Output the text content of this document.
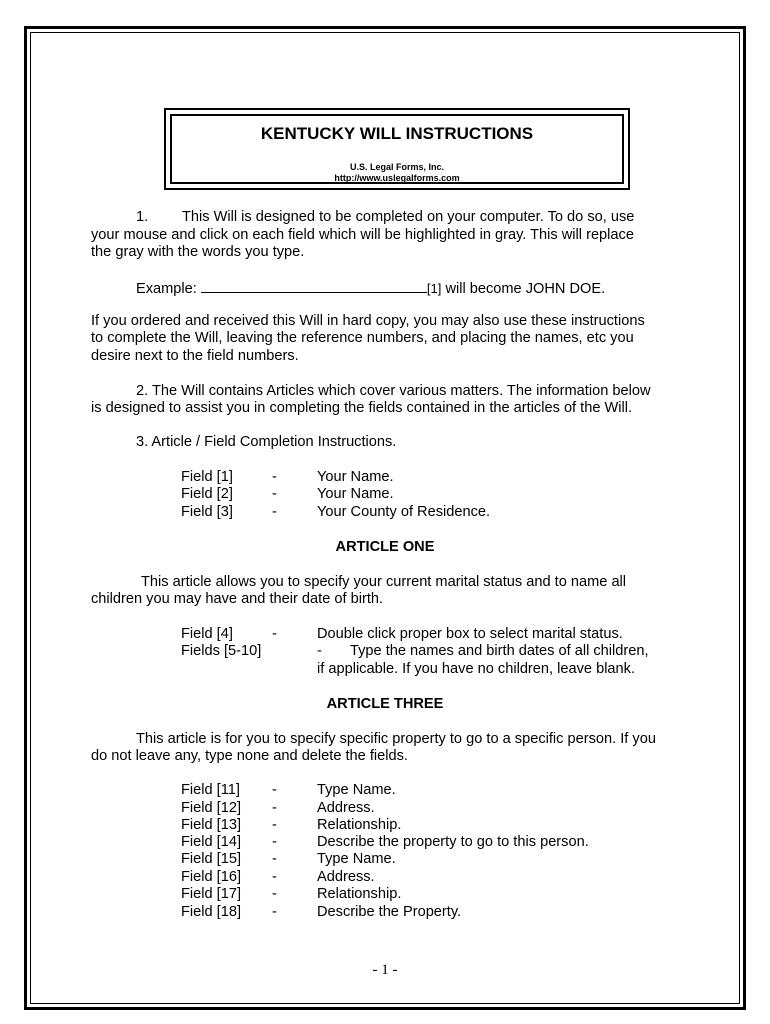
KENTUCKY WILL INSTRUCTIONS
U.S. Legal Forms, Inc.
http://www.uslegalforms.com
1. This Will is designed to be completed on your computer. To do so, use
your mouse and click on each field which will be highlighted in gray. This will replace
the gray with the words you type.
Example:	[1] will become JOHN DOE.
If you ordered and received this Will in hard copy, you may also use these instructions
to complete the Will, leaving the reference numbers, and placing the names, etc you
desire next to the field numbers.
2. The Will contains Articles which cover various matters. The information below
is designed to assist you in completing the fields contained in the articles of the Will.
3. Article / Field Completion Instructions.
Field [1]	-	Your Name.
Field [2]	-	Your Name.
Field [3]	-	Your County of Residence.
ARTICLE ONE
This article allows you to specify your current marital status and to name all
children you may have and their date of birth.
Field [4]	-	Double click proper box to select marital status.
Fields [5-10]	- Type the names and birth dates of all children,
if applicable. If you have no children, leave blank.
ARTICLE THREE
This article is for you to specify specific property to go to a specific person. If you
do not leave any, type none and delete the fields.
Field [11] -	Type Name.
Field [12] -	Address.
Field [13] -	Relationship.
Field [14] -	Describe the property to go to this person.
Field [15] -	Type Name.
Field [16] -	Address.
Field [17] -	Relationship.
Field [18] -	Describe the Property.
- 1 -
